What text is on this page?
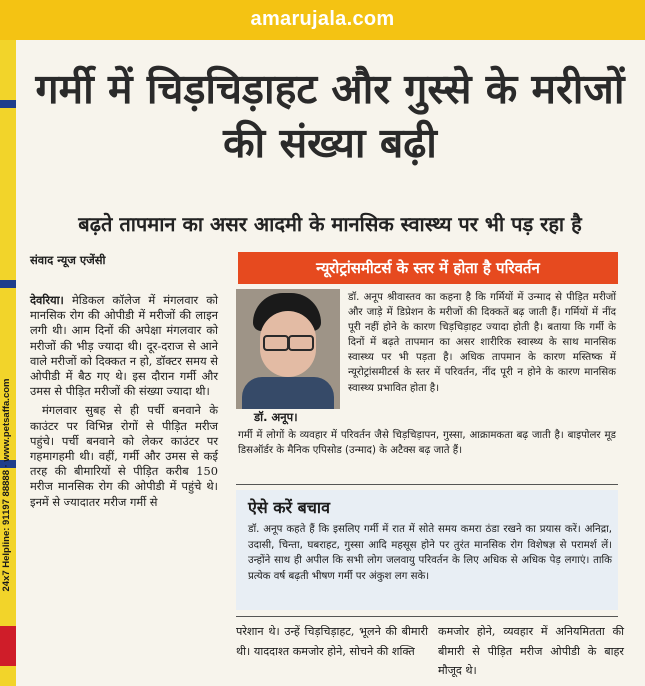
amarujala.com
24x7 Helpline: 91197 88888 · www.petsaffa.com
गर्मी में चिड़चिड़ाहट और गुस्से के मरीजों की संख्या बढ़ी
बढ़ते तापमान का असर आदमी के मानसिक स्वास्थ्य पर भी पड़ रहा है
संवाद न्यूज एजेंसी

देवरिया। मेडिकल कॉलेज में मंगलवार को मानसिक रोग की ओपीडी में मरीजों की लाइन लगी थी। आम दिनों की अपेक्षा मंगलवार को मरीजों की भीड़ ज्यादा थी। दूर-दराज से आने वाले मरीजों को दिक्कत न हो, डॉक्टर समय से ओपीडी में बैठ गए थे। इस दौरान गर्मी और उमस से पीड़ित मरीजों की संख्या ज्यादा थी।

मंगलवार सुबह से ही पर्ची बनवाने के काउंटर पर विभिन्न रोगों से पीड़ित मरीज पहुंचे। पर्ची बनवाने को लेकर काउंटर पर गहमागहमी थी। वहीं, गर्मी और उमस से कई तरह की बीमारियों से पीड़ित करीब 150 मरीज मानसिक रोग की ओपीडी में पहुंचे थे। इनमें से ज्यादातर मरीज गर्मी से

न्यूरोट्रांसमीटर्स के स्तर में होता है परिवर्तन
डॉ. अनूप।
डॉ. अनूप श्रीवास्तव का कहना है कि गर्मियों में उन्माद से पीड़ित मरीजों और जाड़े में डिप्रेशन के मरीजों की दिक्कतें बढ़ जाती हैं। गर्मियों में नींद पूरी नहीं होने के कारण चिड़चिड़ाहट ज्यादा होती है। बताया कि गर्मी के दिनों में बढ़ते तापमान का असर शारीरिक स्वास्थ्य के साथ मानसिक स्वास्थ्य पर भी पड़ता है। अधिक तापमान के कारण मस्तिष्क में न्यूरोट्रांसमीटर्स के स्तर में परिवर्तन, नींद पूरी न होने के कारण मानसिक स्वास्थ्य प्रभावित होता है।
गर्मी में लोगों के व्यवहार में परिवर्तन जैसे चिड़चिड़ापन, गुस्सा, आक्रामकता बढ़ जाती है। बाइपोलर मूड डिसऑर्डर के मैनिक एपिसोड (उन्माद) के अटैक्स बढ़ जाते हैं।
ऐसे करें बचाव
डॉ. अनूप कहते हैं कि इसलिए गर्मी में रात में सोते समय कमरा ठंडा रखने का प्रयास करें। अनिद्रा, उदासी, चिन्ता, घबराहट, गुस्सा आदि महसूस होने पर तुरंत मानसिक रोग विशेषज्ञ से परामर्श लें। उन्होंने साथ ही अपील कि सभी लोग जलवायु परिवर्तन के लिए अधिक से अधिक पेड़ लगाएं। ताकि प्रत्येक वर्ष बढ़ती भीषण गर्मी पर अंकुश लग सके।
परेशान थे। उन्हें चिड़चिड़ाहट, भूलने की बीमारी थी। याददाश्त कमजोर होने, सोचने की शक्ति
कमजोर होने, व्यवहार में अनियमितता की बीमारी से पीड़ित मरीज ओपीडी के बाहर मौजूद थे।
